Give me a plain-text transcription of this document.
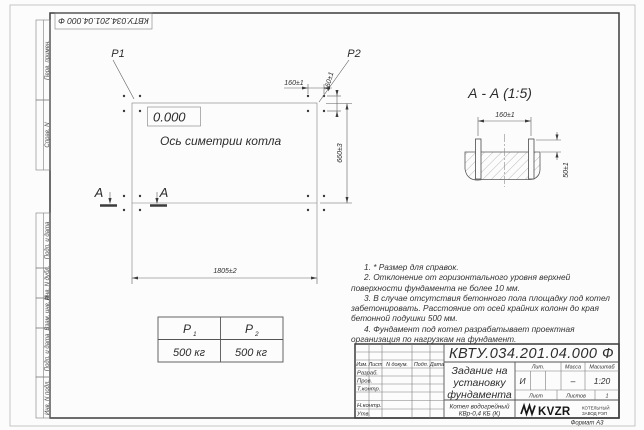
Перв. примен.
Справ. N
Подп. и дата
Инв. N дубл.
Взам. инв. N
Подп. и дата
Инв. N подл.
КВТУ.034.201.04.000 Ф
P1	P2
160±1	160±1
660±3
1805±2
0.000
Ось симетрии котла
А	А
А - А (1:5)
160±1
50±1
P 1	P 2
500 кг	500 кг
Изм. Лист N докум. Подп. Дата
Разраб.
Пров.
Т.контр.
Н.контр.
Утв.
КВТУ.034.201.04.000 Ф
Задание на
установку
фундамента
Лит.	Масса Масштаб
И	– 1:20
Лист	Листов	1
Котел водогрейный
КВр-0,4 КБ (К)	KVZR	КОТЕЛЬНЫЙ
ЗАВОД РЭП
Формат А3

1. * Размер для справок.

2. Отклонение от горизонтального уровня верхней поверхности фундамента не более 10 мм.

3. В случае отсутствия бетонного пола площадку под котел забетонировать. Расстояние от осей крайних колонн до края бетонной подушки 500 мм.

4. Фундамент под котел разрабатывает проектная организация по нагрузкам на фундамент.
